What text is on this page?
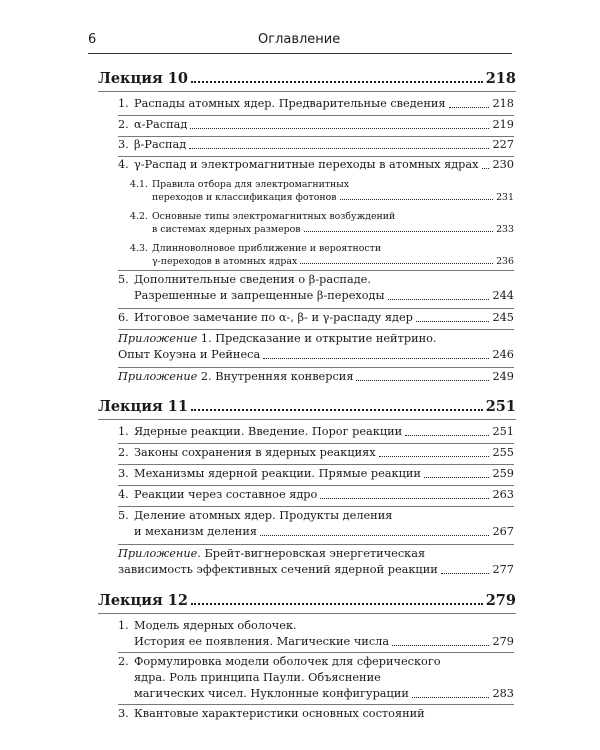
6	Оглавление
Лекция 10	218
1. Распады атомных ядер. Предварительные сведения	218
2. α-Распад	219
3. β-Распад	227
4. γ-Распад и электромагнитные переходы в атомных ядрах 230
4.1. Правила отбора для электромагнитных
переходов и классификация фотонов	231
4.2. Основные типы электромагнитных возбуждений
в системах ядерных размеров	233
4.3. Длинноволновое приближение и вероятности
γ-переходов в атомных ядрах	236
5. Дополнительные сведения о β-распаде.
Разрешенные и запрещенные β-переходы	244
6. Итоговое замечание по α-, β- и γ-распаду ядер	245
Приложение 1. Предсказание и открытие нейтрино.
Опыт Коуэна и Рейнеса	246
Приложение 2. Внутренняя конверсия	249
Лекция 11	251
1. Ядерные реакции. Введение. Порог реакции	251
2. Законы сохранения в ядерных реакциях	255
3. Механизмы ядерной реакции. Прямые реакции	259
4. Реакции через составное ядро	263
5. Деление атомных ядер. Продукты деления
и механизм деления	267
Приложение. Брейт-вигнеровская энергетическая
зависимость эффективных сечений ядерной реакции	277
Лекция 12	279
1. Модель ядерных оболочек.
История ее появления. Магические числа	279
2. Формулировка модели оболочек для сферического
ядра. Роль принципа Паули. Объяснение
магических чисел. Нуклонные конфигурации	283
3. Квантовые характеристики основных состояний
